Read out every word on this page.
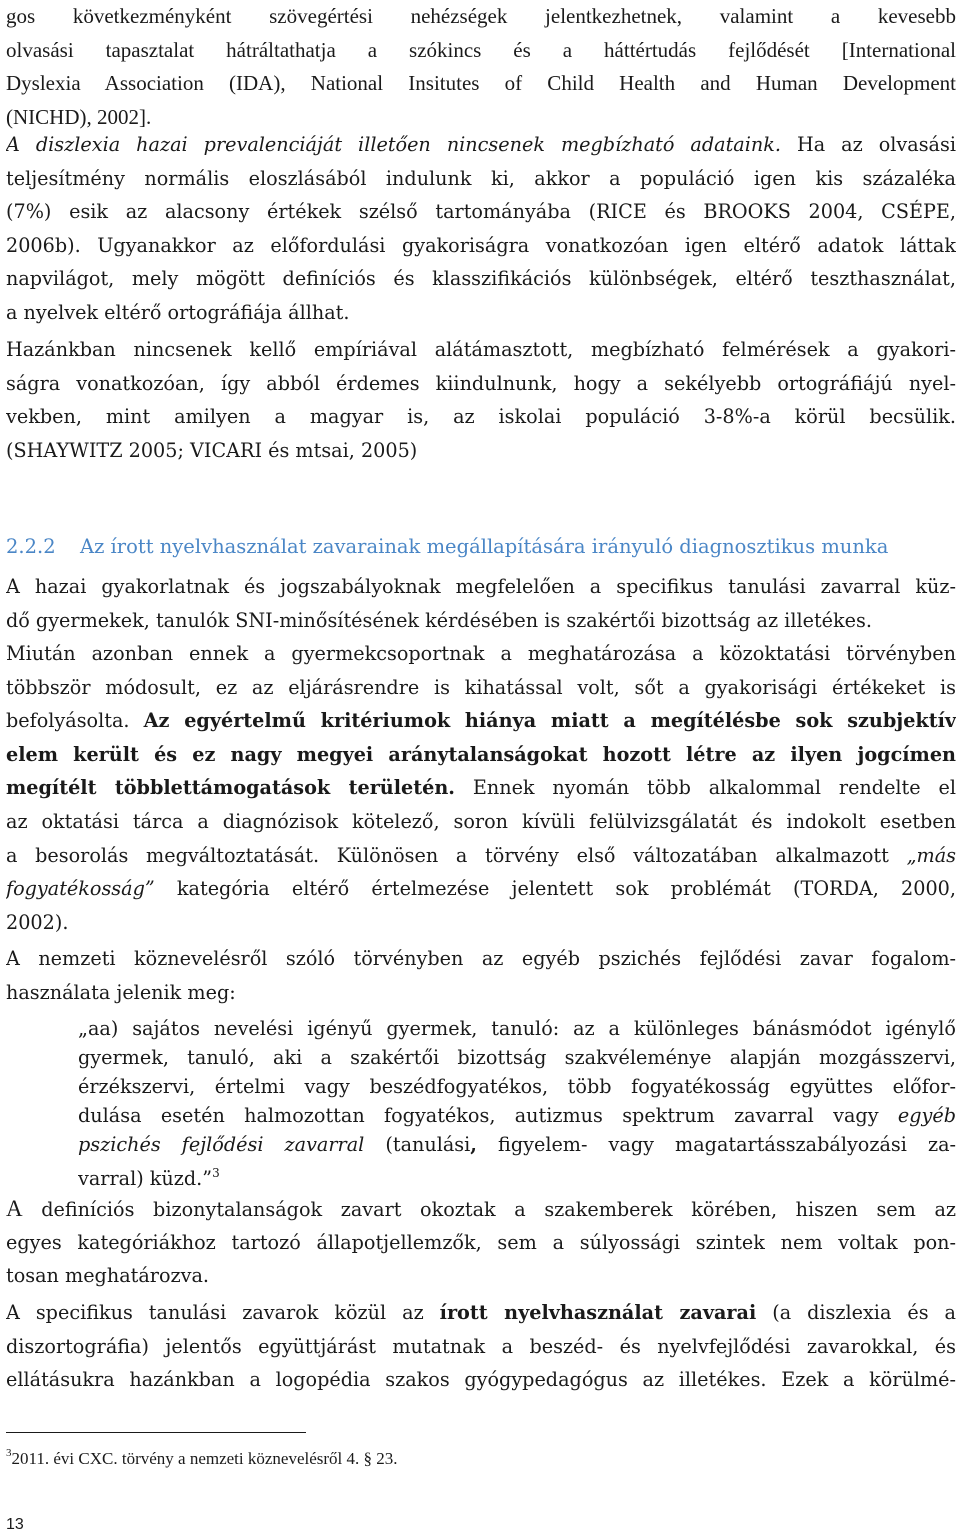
gos következményként szövegértési nehézségek jelentkezhetnek, valamint a kevesebb
olvasási tapasztalat hátráltathatja a szókincs és a háttértudás fejlődését [International
Dyslexia Association (IDA), National Insitutes of Child Health and Human Development
(NICHD), 2002].

A diszlexia hazai prevalenciáját illetően nincsenek megbízható adataink. Ha az olvasási
teljesítmény normális eloszlásából indulunk ki, akkor a populáció igen kis százaléka
(7%) esik az alacsony értékek szélső tartományába (RICE és BROOKS 2004, CSÉPE,
2006b). Ugyanakkor az előfordulási gyakoriságra vonatkozóan igen eltérő adatok láttak
napvilágot, mely mögött definíciós és klasszifikációs különbségek, eltérő teszthasználat,
a nyelvek eltérő ortográfiája állhat.

Hazánkban nincsenek kellő empíriával alátámasztott, megbízható felmérések a gyakori-
ságra vonatkozóan, így abból érdemes kiindulnunk, hogy a sekélyebb ortográfiájú nyel-
vekben, mint amilyen a magyar is, az iskolai populáció 3-8%-a körül becsülik.
(SHAYWITZ 2005; VICARI és mtsai, 2005)

2.2.2 Az írott nyelvhasználat zavarainak megállapítására irányuló diagnosztikus munka

A hazai gyakorlatnak és jogszabályoknak megfelelően a specifikus tanulási zavarral küz-
dő gyermekek, tanulók SNI-minősítésének kérdésében is szakértői bizottság az illetékes.

Miután azonban ennek a gyermekcsoportnak a meghatározása a közoktatási törvényben
többször módosult, ez az eljárásrendre is kihatással volt, sőt a gyakorisági értékeket is
befolyásolta. Az egyértelmű kritériumok hiánya miatt a megítélésbe sok szubjektív
elem került és ez nagy megyei aránytalanságokat hozott létre az ilyen jogcímen
megítélt többlettámogatások területén. Ennek nyomán több alkalommal rendelte el
az oktatási tárca a diagnózisok kötelező, soron kívüli felülvizsgálatát és indokolt esetben
a besorolás megváltoztatását. Különösen a törvény első változatában alkalmazott „más
fogyatékosság” kategória eltérő értelmezése jelentett sok problémát (TORDA, 2000,
2002).

A nemzeti köznevelésről szóló törvényben az egyéb pszichés fejlődési zavar fogalom-
használata jelenik meg:

„aa) sajátos nevelési igényű gyermek, tanuló: az a különleges bánásmódot igénylő
gyermek, tanuló, aki a szakértői bizottság szakvéleménye alapján mozgásszervi,
érzékszervi, értelmi vagy beszédfogyatékos, több fogyatékosság együttes előfor-
dulása esetén halmozottan fogyatékos, autizmus spektrum zavarral vagy egyéb
pszichés fejlődési zavarral (tanulási, figyelem- vagy magatartásszabályozási za-
varral) küzd.”$^3$

A definíciós bizonytalanságok zavart okoztak a szakemberek körében, hiszen sem az
egyes kategóriákhoz tartozó állapotjellemzők, sem a súlyossági szintek nem voltak pon-
tosan meghatározva.

A specifikus tanulási zavarok közül az írott nyelvhasználat zavarai (a diszlexia és a
diszortográfia) jelentős együttjárást mutatnak a beszéd- és nyelvfejlődési zavarokkal, és
ellátásukra hazánkban a logopédia szakos gyógypedagógus az illetékes. Ezek a körülmé-

$^3$2011. évi CXC. törvény a nemzeti köznevelésről 4. § 23.
13
